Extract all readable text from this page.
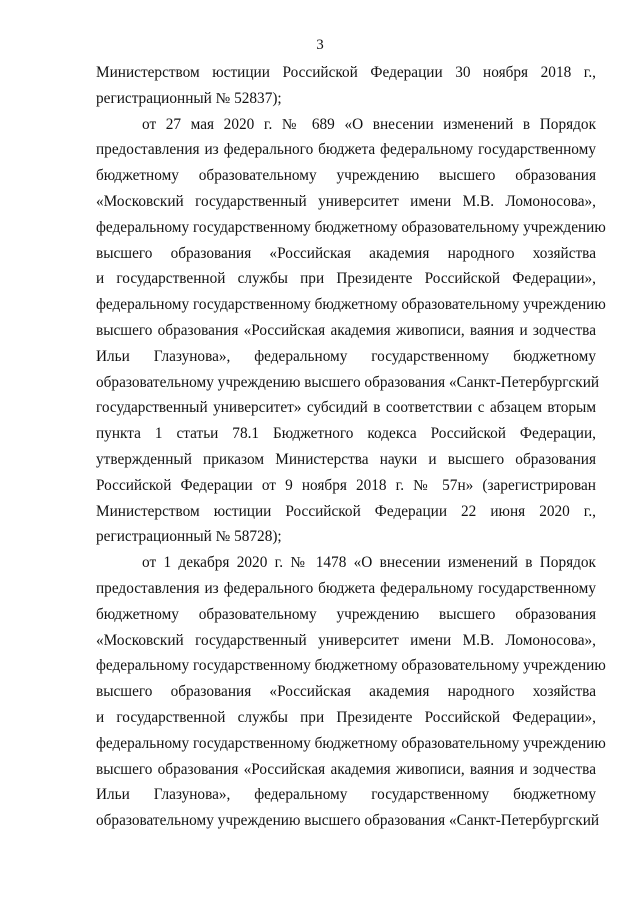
3
Министерством юстиции Российской Федерации 30 ноября 2018 г.,
регистрационный № 52837);
от 27 мая 2020 г. № 689 «О внесении изменений в Порядок
предоставления из федерального бюджета федеральному государственному
бюджетному образовательному учреждению высшего образования
«Московский государственный университет имени М.В. Ломоносова»,
федеральному государственному бюджетному образовательному учреждению
высшего образования «Российская академия народного хозяйства
и государственной службы при Президенте Российской Федерации»,
федеральному государственному бюджетному образовательному учреждению
высшего образования «Российская академия живописи, ваяния и зодчества
Ильи Глазунова», федеральному государственному бюджетному
образовательному учреждению высшего образования «Санкт-Петербургский
государственный университет» субсидий в соответствии с абзацем вторым
пункта 1 статьи 78.1 Бюджетного кодекса Российской Федерации,
утвержденный приказом Министерства науки и высшего образования
Российской Федерации от 9 ноября 2018 г. № 57н» (зарегистрирован
Министерством юстиции Российской Федерации 22 июня 2020 г.,
регистрационный № 58728);
от 1 декабря 2020 г. № 1478 «О внесении изменений в Порядок
предоставления из федерального бюджета федеральному государственному
бюджетному образовательному учреждению высшего образования
«Московский государственный университет имени М.В. Ломоносова»,
федеральному государственному бюджетному образовательному учреждению
высшего образования «Российская академия народного хозяйства
и государственной службы при Президенте Российской Федерации»,
федеральному государственному бюджетному образовательному учреждению
высшего образования «Российская академия живописи, ваяния и зодчества
Ильи Глазунова», федеральному государственному бюджетному
образовательному учреждению высшего образования «Санкт-Петербургский
